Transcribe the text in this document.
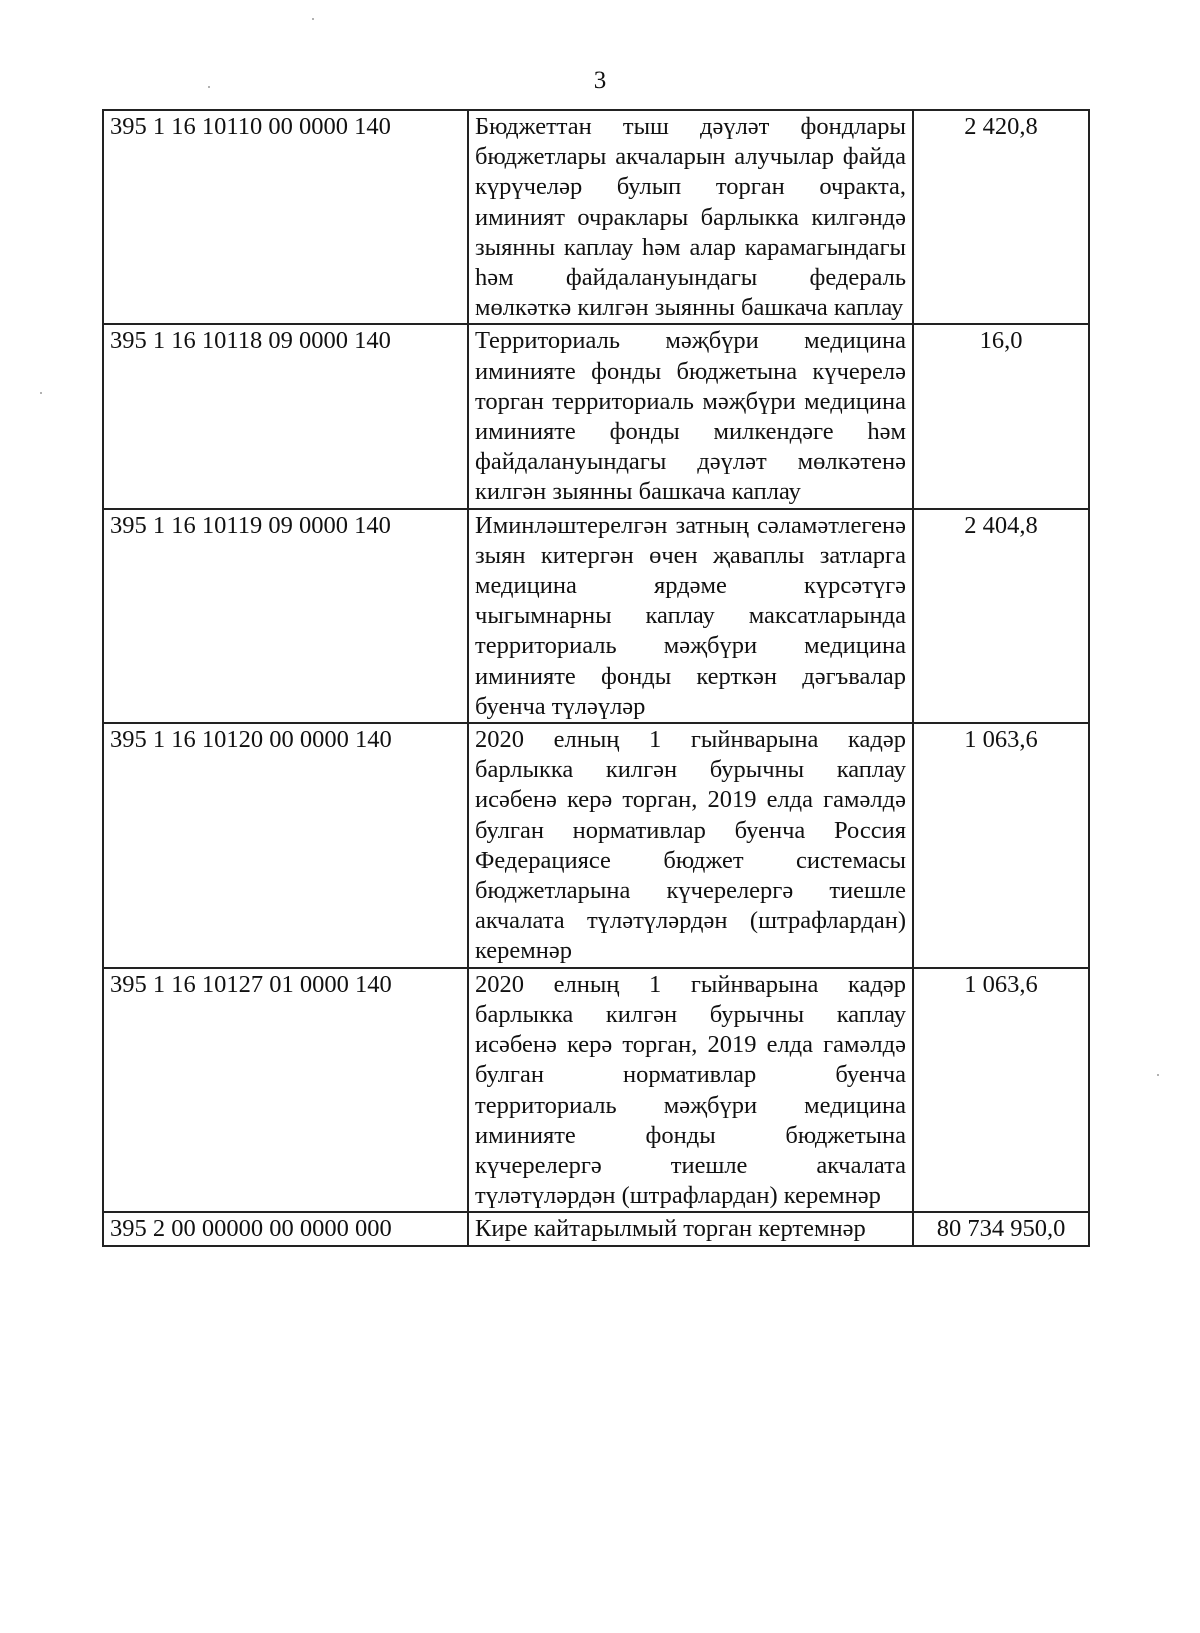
3
395 1 16 10110 00 0000 140	Бюджеттан тыш дәүләт фондлары бюджетлары акчаларын алучылар файда күрүчеләр булып торган очракта, иминият очраклары барлыкка килгәндә зыянны каплау һәм алар карамагындагы һәм файдалануындагы федераль мөлкәткә килгән зыянны башкача каплау	2 420,8
395 1 16 10118 09 0000 140	Территориаль мәҗбүри медицина иминияте фонды бюджетына күчерелә торган территориаль мәҗбүри медицина иминияте фонды милкендәге һәм файдалануындагы дәүләт мөлкәтенә килгән зыянны башкача каплау	16,0
395 1 16 10119 09 0000 140	Иминләштерелгән затның сәламәтлегенә зыян китергән өчен җаваплы затларга медицина ярдәме күрсәтүгә чыгымнарны каплау максатларында территориаль мәҗбүри медицина иминияте фонды керткән дәгъвалар буенча түләүләр	2 404,8
395 1 16 10120 00 0000 140	2020 елның 1 гыйнварына кадәр барлыкка килгән бурычны каплау исәбенә керә торган, 2019 елда гамәлдә булган нормативлар буенча Россия Федерациясе бюджет системасы бюджетларына күчерелергә тиешле акчалата түләтүләрдән (штрафлардан) керемнәр	1 063,6
395 1 16 10127 01 0000 140	2020 елның 1 гыйнварына кадәр барлыкка килгән бурычны каплау исәбенә керә торган, 2019 елда гамәлдә булган нормативлар буенча территориаль мәҗбүри медицина иминияте фонды бюджетына күчерелергә тиешле акчалата түләтүләрдән (штрафлардан) керемнәр	1 063,6
395 2 00 00000 00 0000 000	Кире кайтарылмый торган кертемнәр	80 734 950,0
